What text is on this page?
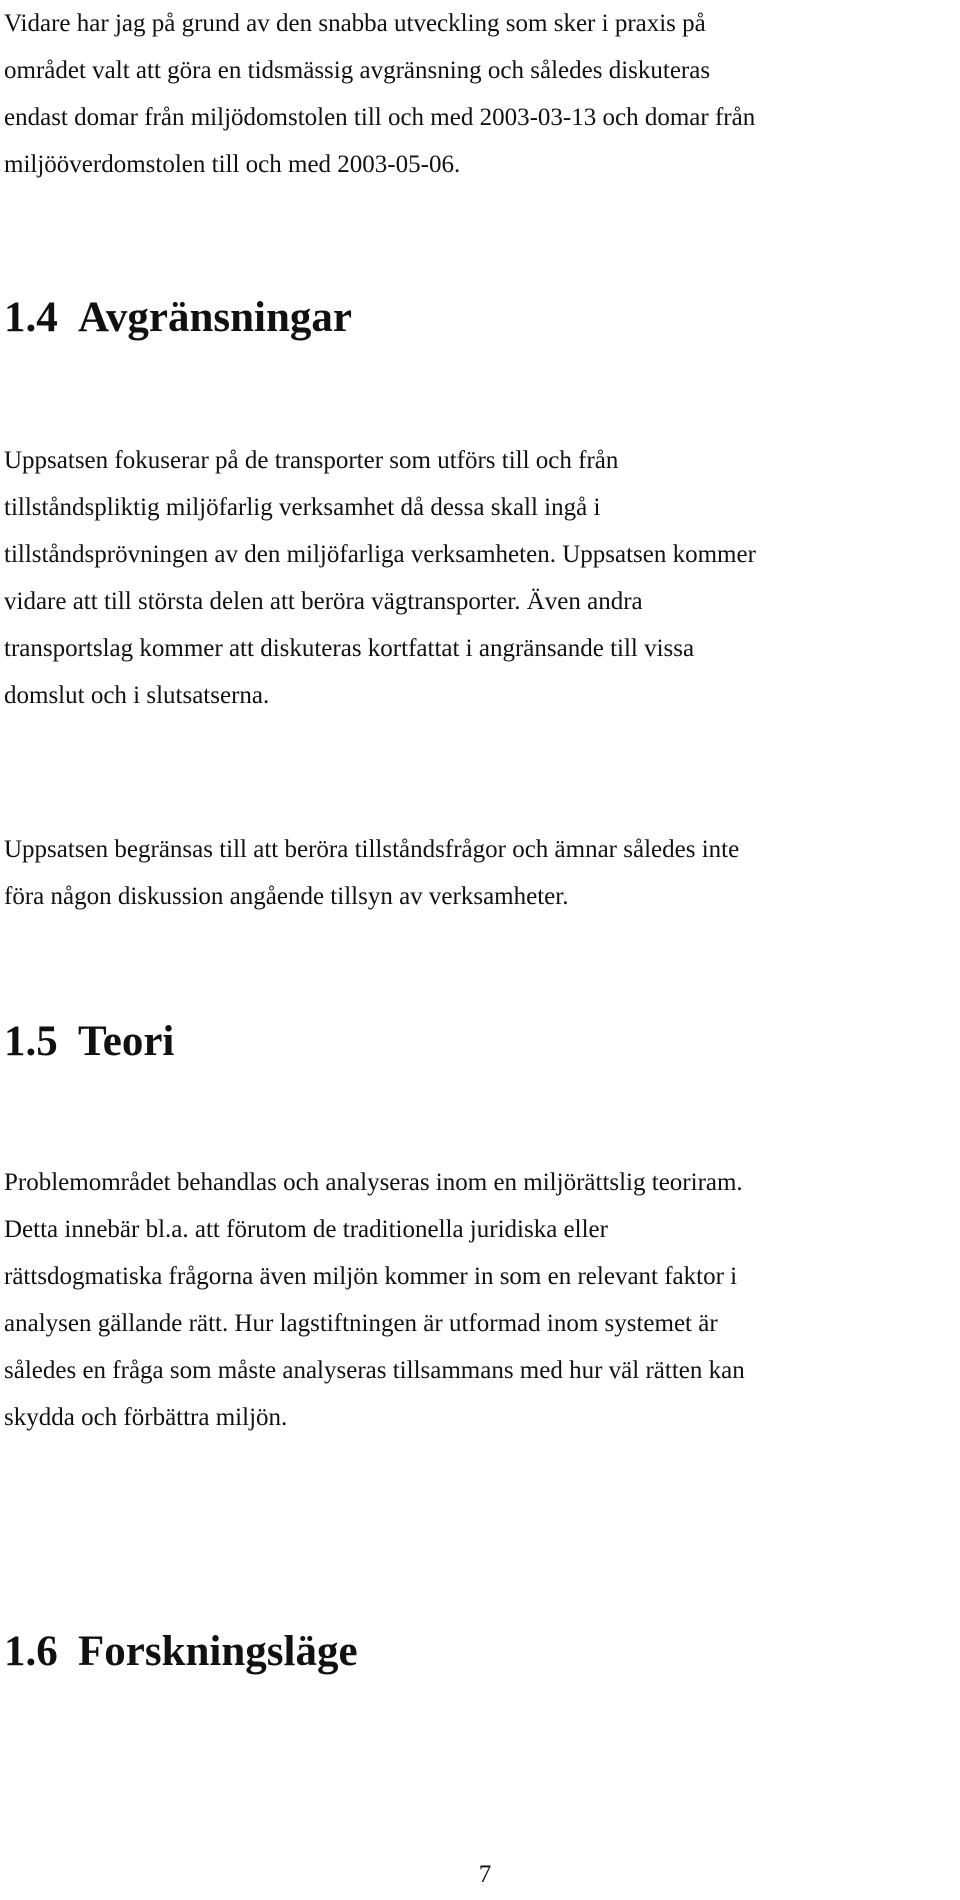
Vidare har jag på grund av den snabba utveckling som sker i praxis på
området valt att göra en tidsmässig avgränsning och således diskuteras
endast domar från miljödomstolen till och med 2003-03-13 och domar från
miljööverdomstolen till och med 2003-05-06.
1.4 Avgränsningar
Uppsatsen fokuserar på de transporter som utförs till och från
tillståndspliktig miljöfarlig verksamhet då dessa skall ingå i
tillståndsprövningen av den miljöfarliga verksamheten. Uppsatsen kommer
vidare att till största delen att beröra vägtransporter. Även andra
transportslag kommer att diskuteras kortfattat i angränsande till vissa
domslut och i slutsatserna.
Uppsatsen begränsas till att beröra tillståndsfrågor och ämnar således inte
föra någon diskussion angående tillsyn av verksamheter.
1.5 Teori
Problemområdet behandlas och analyseras inom en miljörättslig teoriram.
Detta innebär bl.a. att förutom de traditionella juridiska eller
rättsdogmatiska frågorna även miljön kommer in som en relevant faktor i
analysen gällande rätt. Hur lagstiftningen är utformad inom systemet är
således en fråga som måste analyseras tillsammans med hur väl rätten kan
skydda och förbättra miljön.
1.6 Forskningsläge
7
